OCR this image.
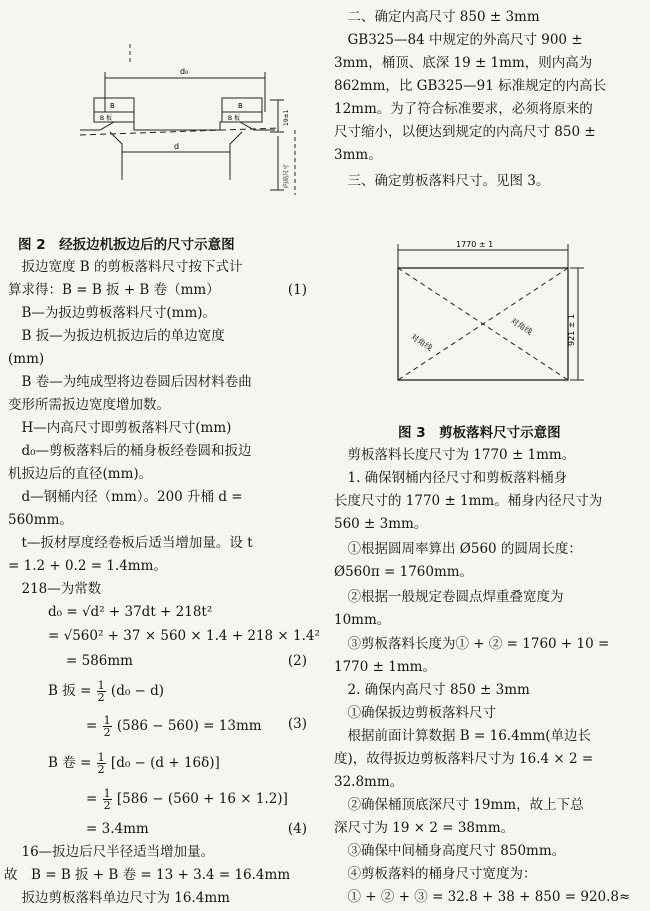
d₀
d
B
B 板
B
B 板	19±1
内高尺寸
图 2　经扳边机扳边后的尺寸示意图
　扳边宽度 B 的剪板落料尺寸按下式计
算求得：B = B 扳 + B 卷（mm）	(1)
　B—为扳边剪板落料尺寸(mm)。
　B 扳—为扳边机扳边后的单边宽度
(mm)
　B 卷—为纯成型将边卷圆后因材料卷曲
变形所需扳边宽度增加数。
　H—内高尺寸即剪板落料尺寸(mm)
　d₀—剪板落料后的桶身板经卷圆和扳边
机扳边后的直径(mm)。
　d—钢桶内径（mm）。200 升桶 d =
560mm。
　t—扳材厚度经卷板后适当增加量。设 t
= 1.2 + 0.2 = 1.4mm。
　218—为常数
d₀ = √d² + 37dt + 218t²
= √560² + 37 × 560 × 1.4 + 218 × 1.4²
= 586mm	(2)
B 扳 = $\frac{1}{2} (d_0 - d)$
= $\frac{1}{2} (586 - 560) = 13mm$ (3)
B 卷 = $\frac{1}{2} [d_0 - (d + 16\delta)]$
= $\frac{1}{2} [586 - (560 + 16 \times 1.2)]$
= 3.4mm	(4)
　16—扳边后尺半径适当增加量。
故　B = B 扳 + B 卷 = 13 + 3.4 = 16.4mm
　扳边剪板落料单边尺寸为 16.4mm
　二、确定内高尺寸 850 ± 3mm
　GB325—84 中规定的外高尺寸 900 ±
3mm，桶顶、底深 19 ± 1mm，则内高为
862mm，比 GB325—91 标准规定的内高长
12mm。为了符合标准要求，必须将原来的
尺寸缩小，以便达到规定的内高尺寸 850 ±
3mm。
　三、确定剪板落料尺寸。见图 3。
1770 ± 1
921 ± 1
对角线
对角线
图 3　剪板落料尺寸示意图
　剪板落料长度尺寸为 1770 ± 1mm。
　1. 确保钢桶内径尺寸和剪板落料桶身
长度尺寸的 1770 ± 1mm。桶身内径尺寸为
560 ± 3mm。
　①根据圆周率算出 Ø560 的圆周长度：
Ø560π = 1760mm。
　②根据一般规定卷圆点焊重叠宽度为
10mm。
　③剪板落料长度为① + ② = 1760 + 10 =
1770 ± 1mm。
　2. 确保内高尺寸 850 ± 3mm
　①确保扳边剪板落料尺寸
　根据前面计算数据 B = 16.4mm(单边长
度)，故得扳边剪板落料尺寸为 16.4 × 2 =
32.8mm。
　②确保桶顶底深尺寸 19mm，故上下总
深尺寸为 19 × 2 = 38mm。
　③确保中间桶身高度尺寸 850mm。
　④剪板落料的桶身尺寸宽度为：
　① + ② + ③ = 32.8 + 38 + 850 = 920.8≈
